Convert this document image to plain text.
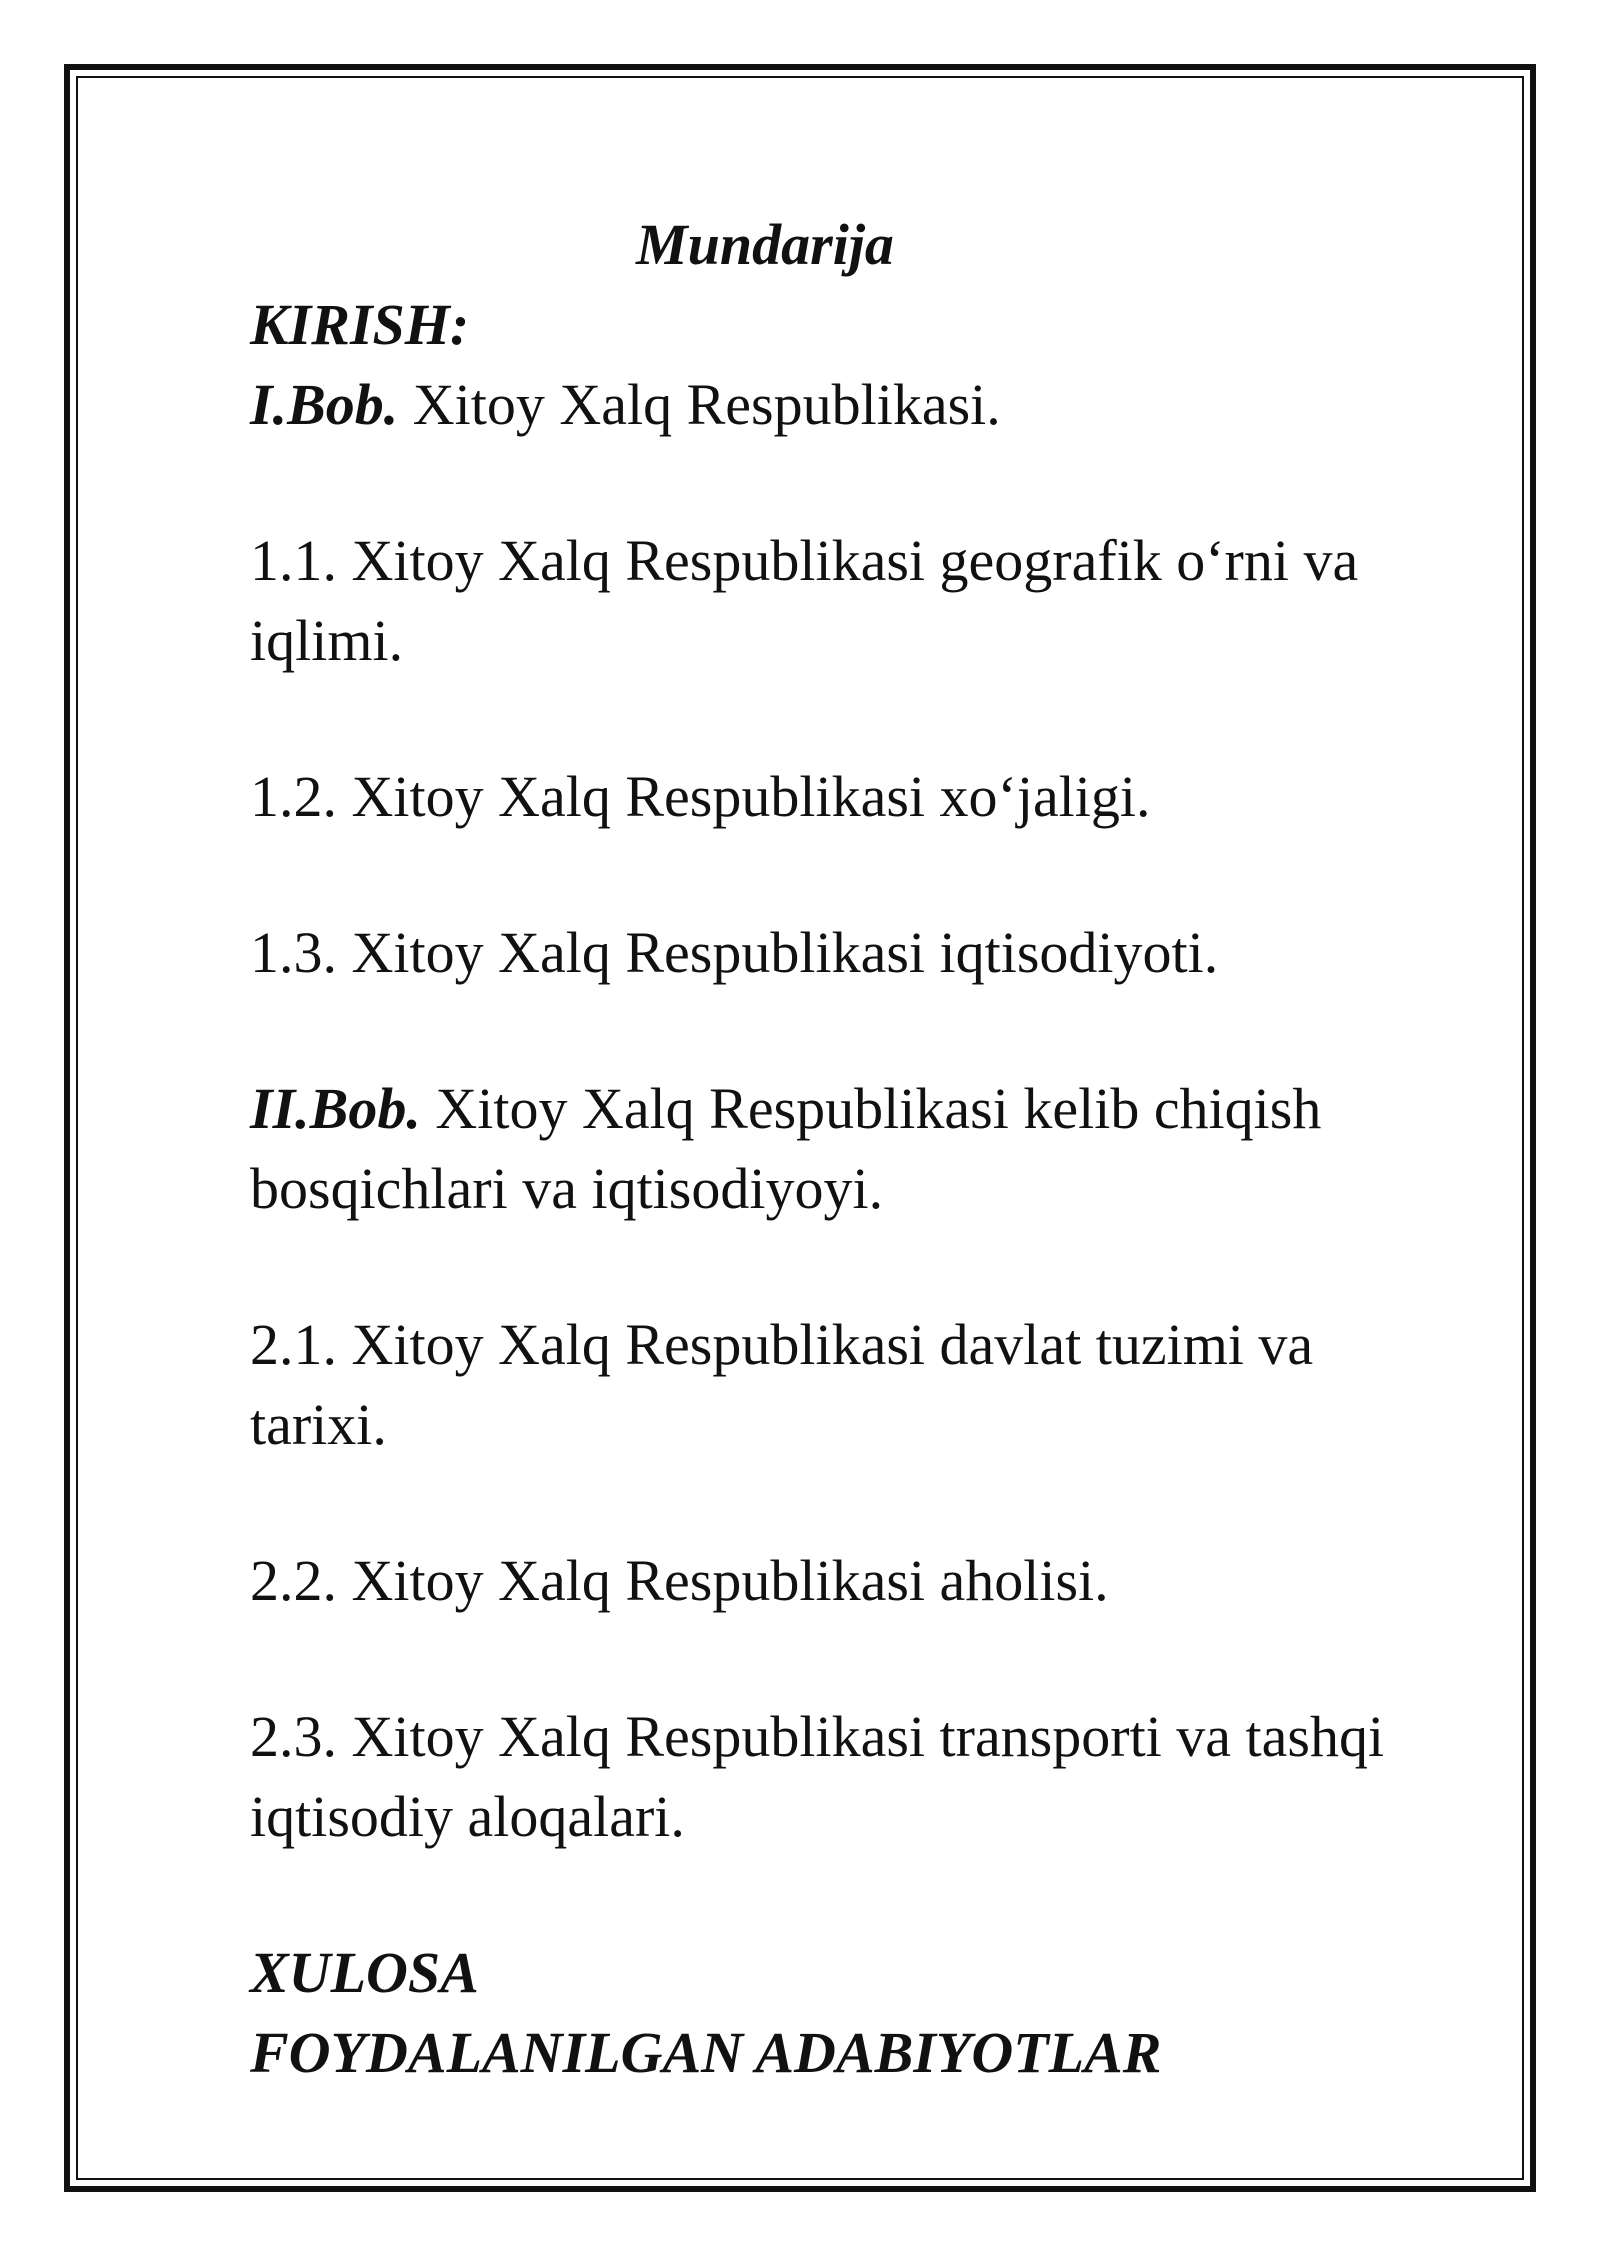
Mundarija

KIRISH:

I.Bob. Xitoy Xalq Respublikasi.

1.1. Xitoy Xalq Respublikasi geografik o‘rni va iqlimi.

1.2. Xitoy Xalq Respublikasi xo‘jaligi.

1.3. Xitoy Xalq Respublikasi iqtisodiyoti.

II.Bob. Xitoy Xalq Respublikasi kelib chiqish bosqichlari va iqtisodiyoyi.

2.1. Xitoy Xalq Respublikasi davlat tuzimi va tarixi.

2.2. Xitoy Xalq Respublikasi aholisi.

2.3. Xitoy Xalq Respublikasi transporti va tashqi iqtisodiy aloqalari.

XULOSA

FOYDALANILGAN ADABIYOTLAR
